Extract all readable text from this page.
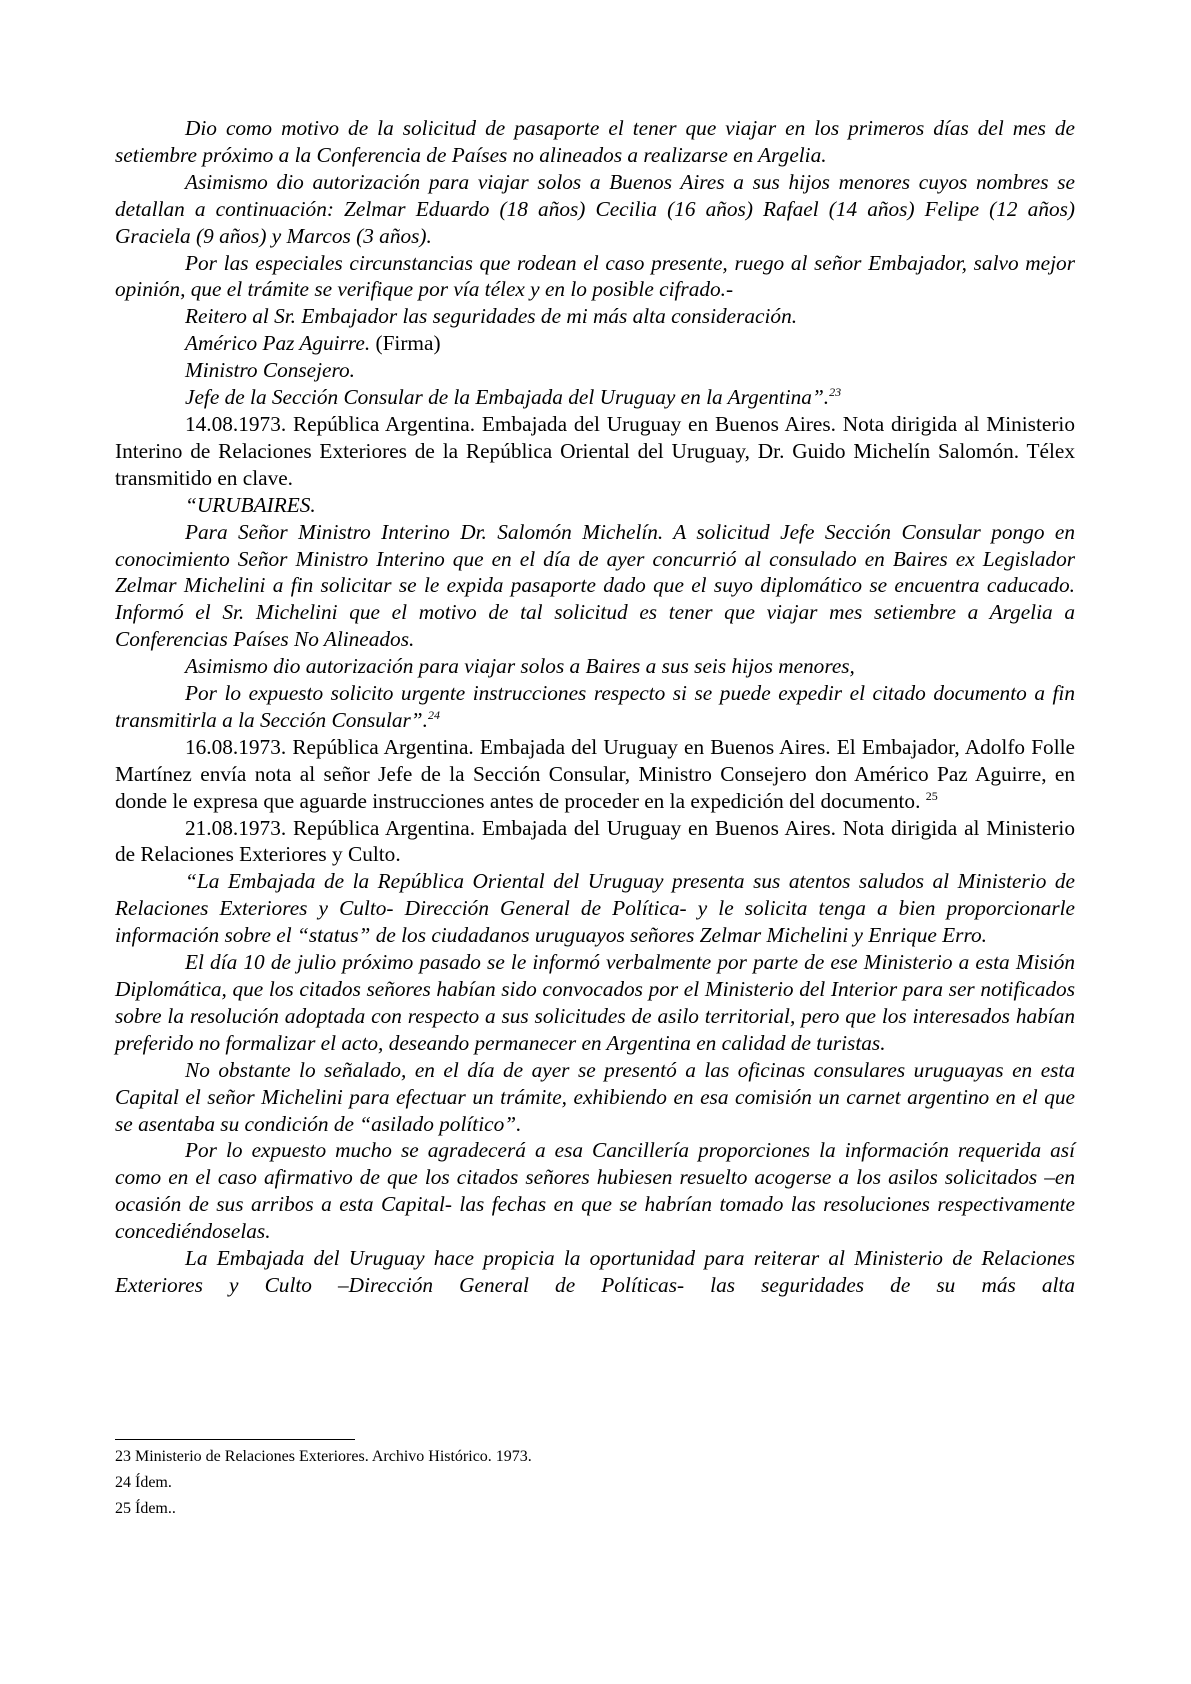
Dio como motivo de la solicitud de pasaporte el tener que viajar en los primeros días del mes de setiembre próximo a la Conferencia de Países no alineados a realizarse en Argelia.

Asimismo dio autorización para viajar solos a Buenos Aires a sus hijos menores cuyos nombres se detallan a continuación: Zelmar Eduardo (18 años) Cecilia (16 años) Rafael (14 años) Felipe (12 años) Graciela (9 años) y Marcos (3 años).

Por las especiales circunstancias que rodean el caso presente, ruego al señor Embajador, salvo mejor opinión, que el trámite se verifique por vía télex y en lo posible cifrado.-

Reitero al Sr. Embajador las seguridades de mi más alta consideración.

Américo Paz Aguirre. (Firma)

Ministro Consejero.

Jefe de la Sección Consular de la Embajada del Uruguay en la Argentina”.$^{23}$

14.08.1973. República Argentina. Embajada del Uruguay en Buenos Aires. Nota dirigida al Ministerio Interino de Relaciones Exteriores de la República Oriental del Uruguay, Dr. Guido Michelín Salomón. Télex transmitido en clave.

“URUBAIRES.

Para Señor Ministro Interino Dr. Salomón Michelín. A solicitud Jefe Sección Consular pongo en conocimiento Señor Ministro Interino que en el día de ayer concurrió al consulado en Baires ex Legislador Zelmar Michelini a fin solicitar se le expida pasaporte dado que el suyo diplomático se encuentra caducado. Informó el Sr. Michelini que el motivo de tal solicitud es tener que viajar mes setiembre a Argelia a Conferencias Países No Alineados.

Asimismo dio autorización para viajar solos a Baires a sus seis hijos menores,

Por lo expuesto solicito urgente instrucciones respecto si se puede expedir el citado documento a fin transmitirla a la Sección Consular”.$^{24}$

16.08.1973. República Argentina. Embajada del Uruguay en Buenos Aires. El Embajador, Adolfo Folle Martínez envía nota al señor Jefe de la Sección Consular, Ministro Consejero don Américo Paz Aguirre, en donde le expresa que aguarde instrucciones antes de proceder en la expedición del documento. $^{25}$

21.08.1973. República Argentina. Embajada del Uruguay en Buenos Aires. Nota dirigida al Ministerio de Relaciones Exteriores y Culto.

“La Embajada de la República Oriental del Uruguay presenta sus atentos saludos al Ministerio de Relaciones Exteriores y Culto- Dirección General de Política- y le solicita tenga a bien proporcionarle información sobre el “status” de los ciudadanos uruguayos señores Zelmar Michelini y Enrique Erro.

El día 10 de julio próximo pasado se le informó verbalmente por parte de ese Ministerio a esta Misión Diplomática, que los citados señores habían sido convocados por el Ministerio del Interior para ser notificados sobre la resolución adoptada con respecto a sus solicitudes de asilo territorial, pero que los interesados habían preferido no formalizar el acto, deseando permanecer en Argentina en calidad de turistas.

No obstante lo señalado, en el día de ayer se presentó a las oficinas consulares uruguayas en esta Capital el señor Michelini para efectuar un trámite, exhibiendo en esa comisión un carnet argentino en el que se asentaba su condición de “asilado político”.

Por lo expuesto mucho se agradecerá a esa Cancillería proporciones la información requerida así como en el caso afirmativo de que los citados señores hubiesen resuelto acogerse a los asilos solicitados –en ocasión de sus arribos a esta Capital- las fechas en que se habrían tomado las resoluciones respectivamente concediéndoselas.

La Embajada del Uruguay hace propicia la oportunidad para reiterar al Ministerio de Relaciones Exteriores y Culto –Dirección General de Políticas- las seguridades de su más alta

23 Ministerio de Relaciones Exteriores. Archivo Histórico. 1973.
24 Ídem.
25 Ídem..
